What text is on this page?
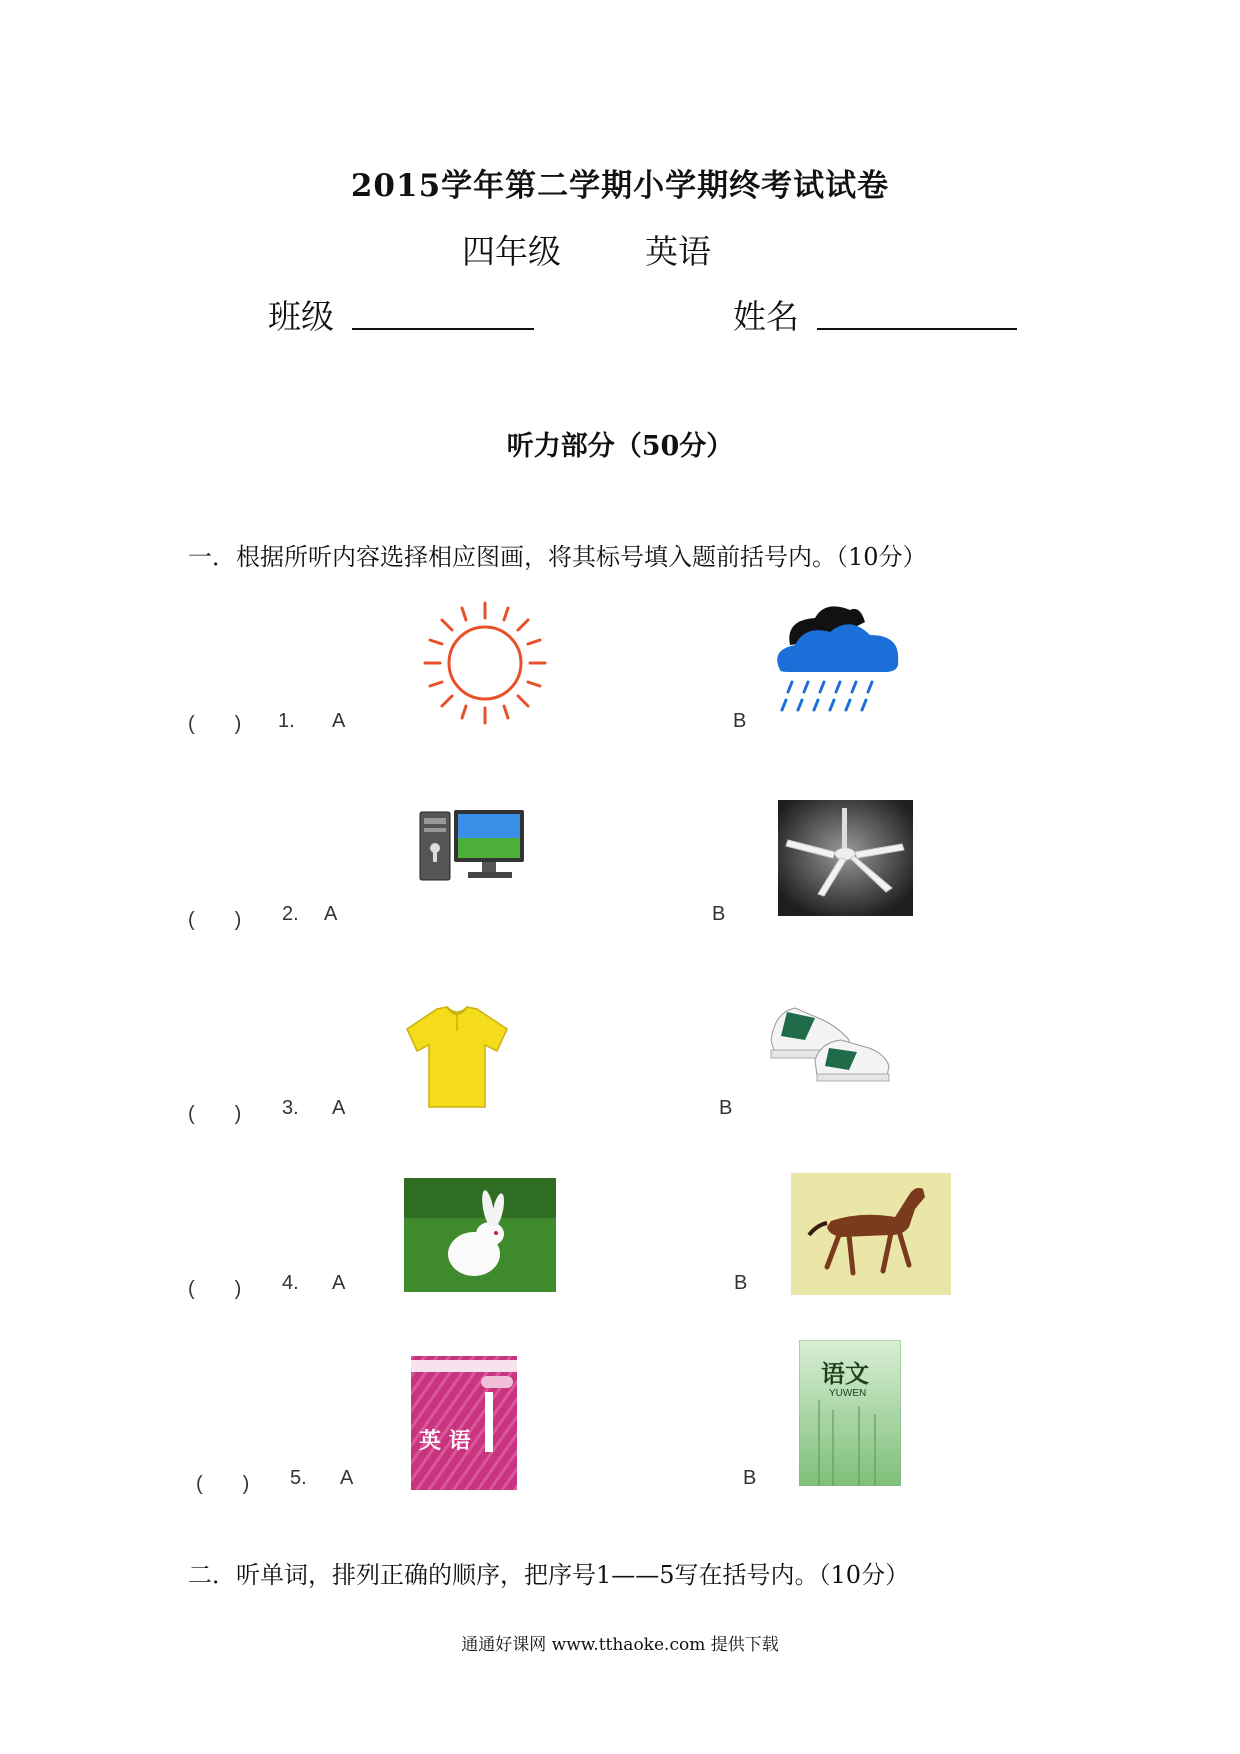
2015学年第二学期小学期终考试试卷
四年级	英语
班级	姓名
听力部分（50分）
一．根据所听内容选择相应图画，将其标号填入题前括号内。（10分）
(　　) 1. A	B
(　　) 2. A	B
(　　) 3. A	B
(　　) 4. A	B
(　　) 5. A	B
英 语
语文
YUWEN
二．听单词，排列正确的顺序，把序号1——5写在括号内。（10分）
通通好课网 www.tthaoke.com 提供下载
